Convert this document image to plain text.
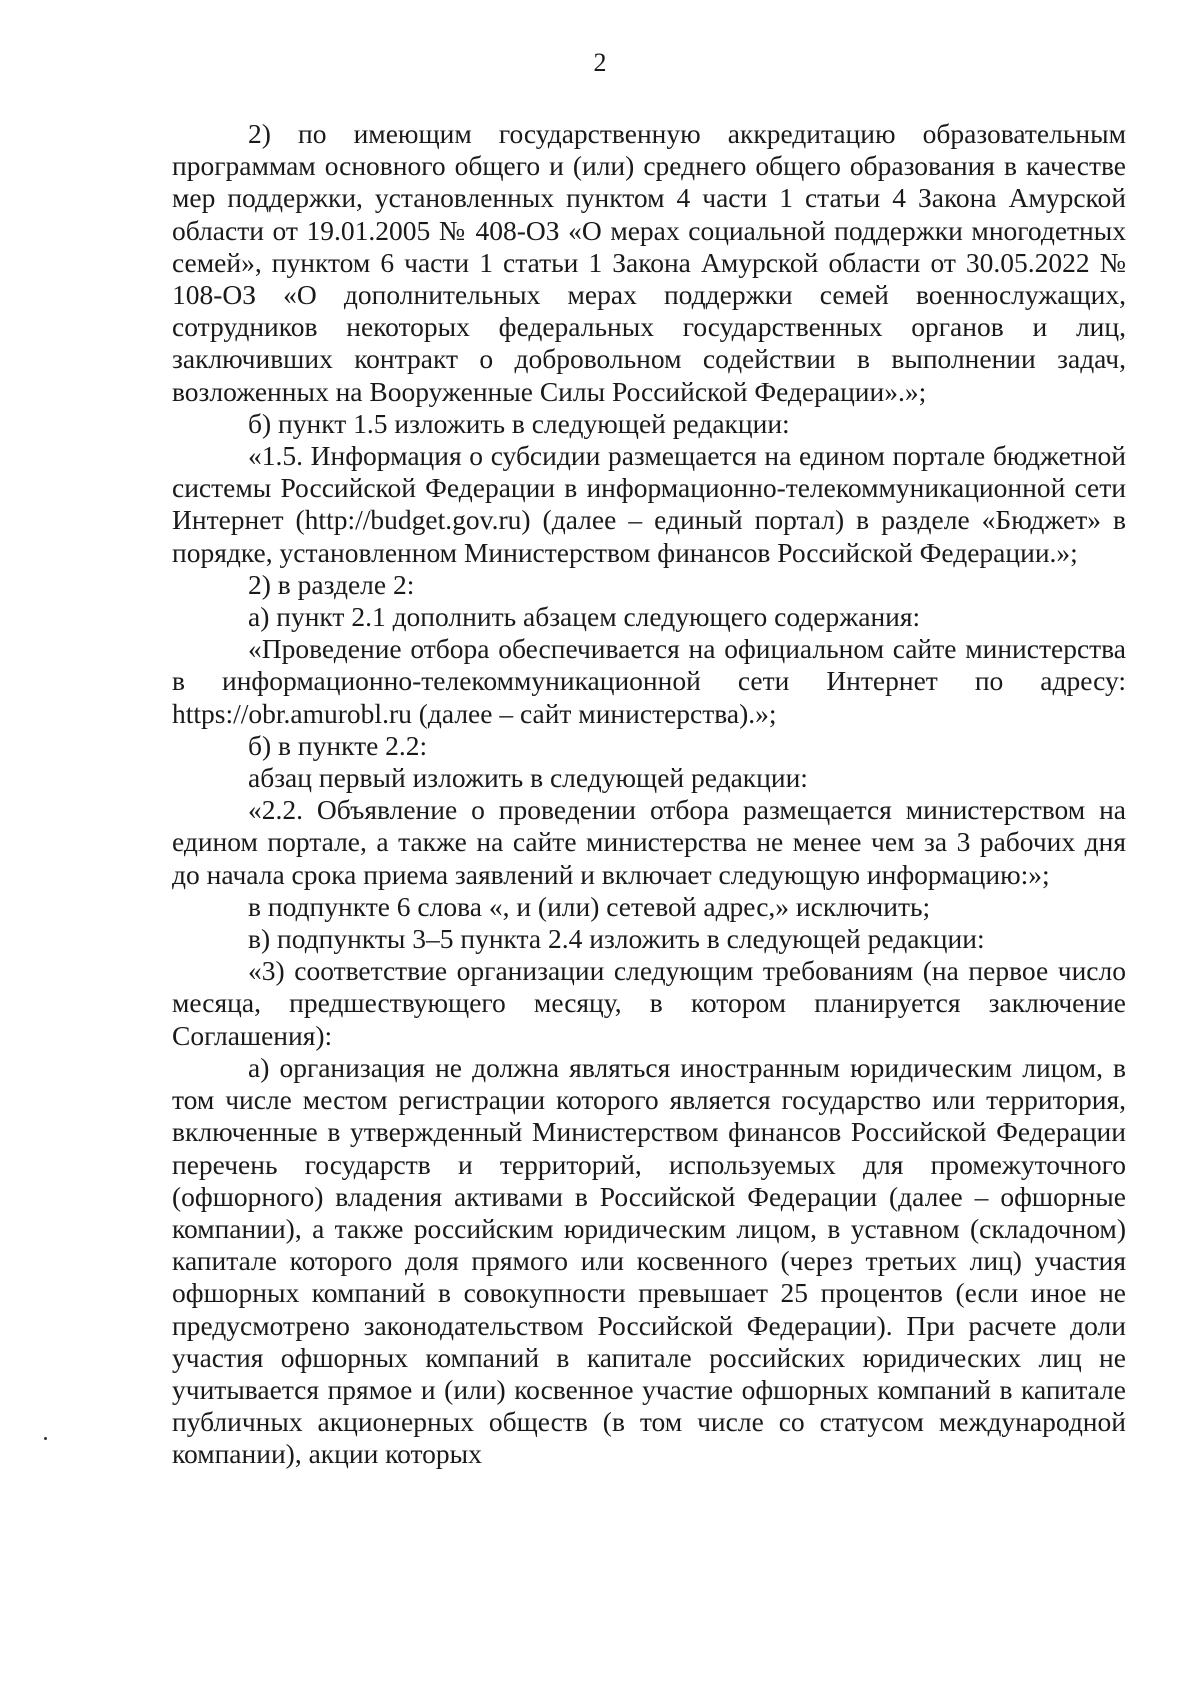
2

2) по имеющим государственную аккредитацию образовательным программам основного общего и (или) среднего общего образования в качестве мер поддержки, установленных пунктом 4 части 1 статьи 4 Закона Амурской области от 19.01.2005 № 408-ОЗ «О мерах социальной поддержки многодетных семей», пунктом 6 части 1 статьи 1 Закона Амурской области от 30.05.2022 № 108-ОЗ «О дополнительных мерах поддержки семей военнослужащих, сотрудников некоторых федеральных государственных органов и лиц, заключивших контракт о добровольном содействии в выполнении задач, возложенных на Вооруженные Силы Российской Федерации».»;

б) пункт 1.5 изложить в следующей редакции:

«1.5. Информация о субсидии размещается на едином портале бюджетной системы Российской Федерации в информационно-телекоммуникационной сети Интернет (http://budget.gov.ru) (далее – единый портал) в разделе «Бюджет» в порядке, установленном Министерством финансов Российской Федерации.»;

2) в разделе 2:

а) пункт 2.1 дополнить абзацем следующего содержания:

«Проведение отбора обеспечивается на официальном сайте министерства в информационно-телекоммуникационной сети Интернет по адресу: https://obr.amurobl.ru (далее – сайт министерства).»;

б) в пункте 2.2:

абзац первый изложить в следующей редакции:

«2.2. Объявление о проведении отбора размещается министерством на едином портале, а также на сайте министерства не менее чем за 3 рабочих дня до начала срока приема заявлений и включает следующую информацию:»;

в подпункте 6 слова «, и (или) сетевой адрес,» исключить;

в) подпункты 3–5 пункта 2.4 изложить в следующей редакции:

«3) соответствие организации следующим требованиям (на первое число месяца, предшествующего месяцу, в котором планируется заключение Соглашения):

а) организация не должна являться иностранным юридическим лицом, в том числе местом регистрации которого является государство или территория, включенные в утвержденный Министерством финансов Российской Федерации перечень государств и территорий, используемых для промежуточного (офшорного) владения активами в Российской Федерации (далее – офшорные компании), а также российским юридическим лицом, в уставном (складочном) капитале которого доля прямого или косвенного (через третьих лиц) участия офшорных компаний в совокупности превышает 25 процентов (если иное не предусмотрено законодательством Российской Федерации). При расчете доли участия офшорных компаний в капитале российских юридических лиц не учитывается прямое и (или) косвенное участие офшорных компаний в капитале публичных акционерных обществ (в том числе со статусом международной компании), акции которых
